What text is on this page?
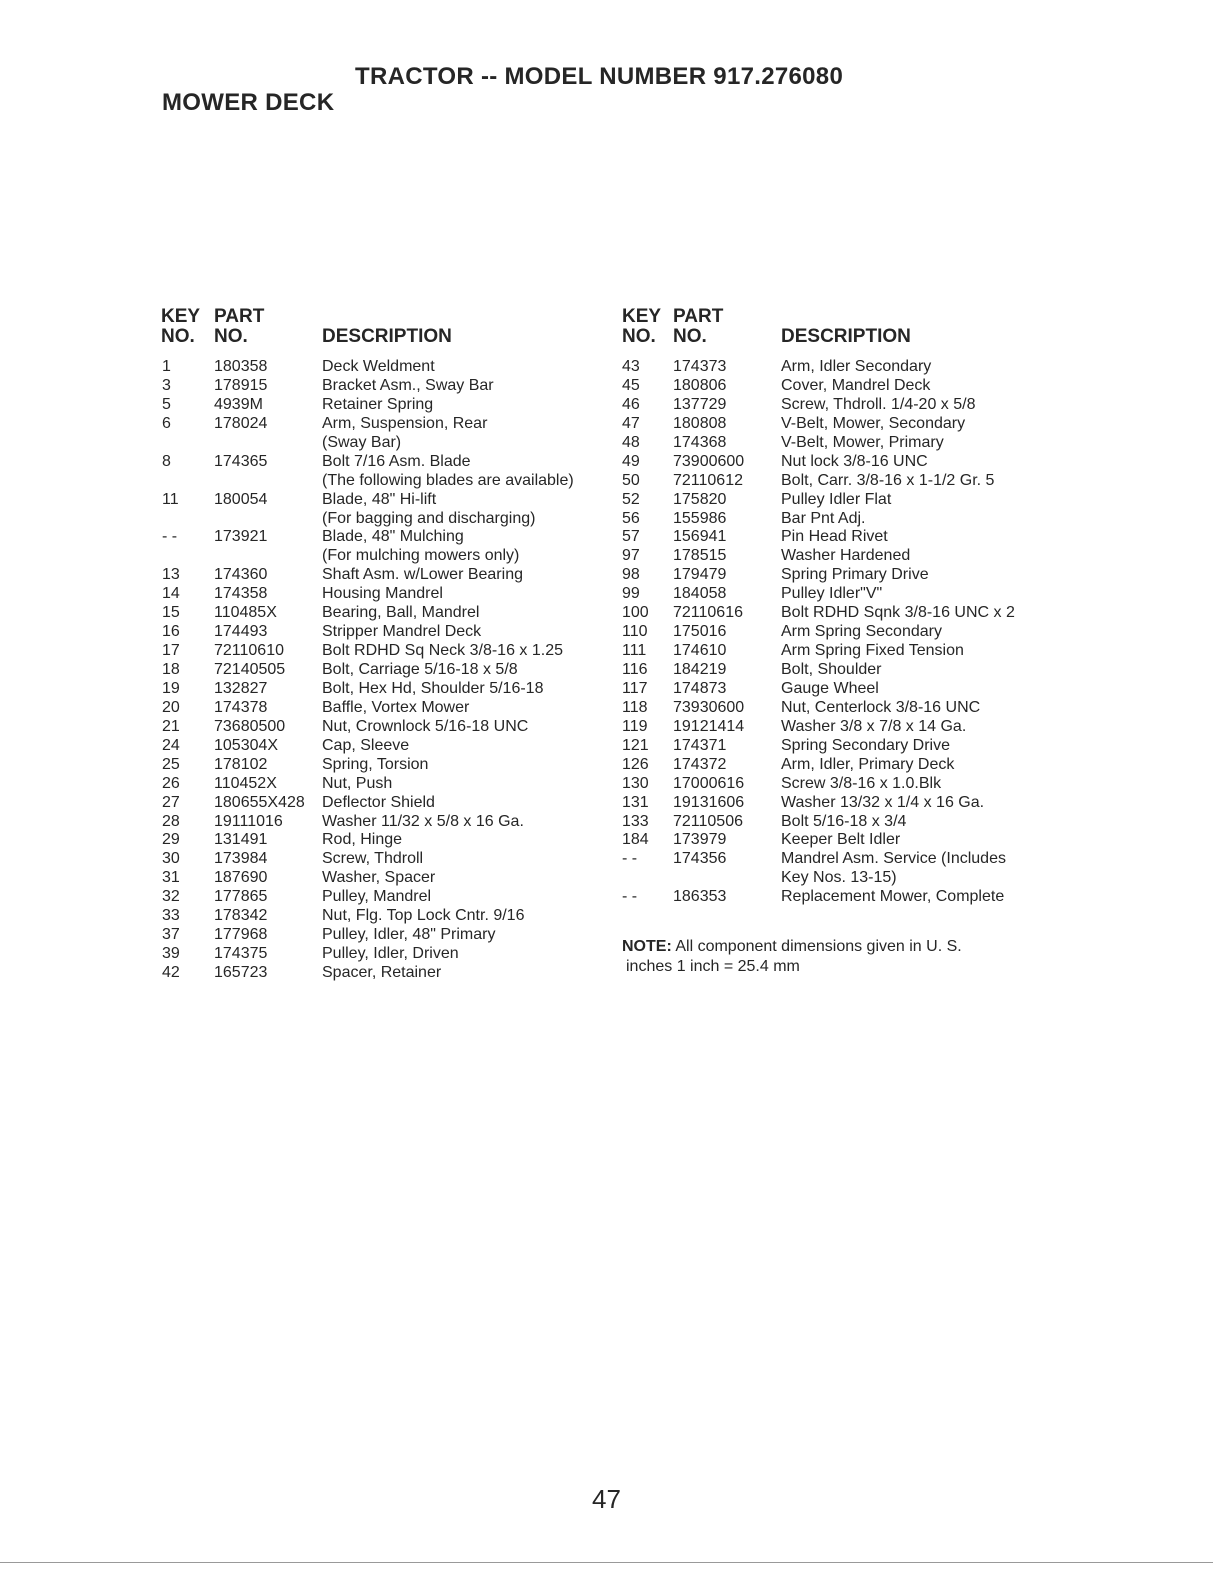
TRACTOR -- MODEL NUMBER 917.276080
MOWER DECK
KEY
NO.
PART
NO.	DESCRIPTION
KEY
NO.
PART
NO.	DESCRIPTION
1	180358	Deck Weldment
3	178915	Bracket Asm., Sway Bar
5	4939M	Retainer Spring
6	178024	Arm, Suspension, Rear
(Sway Bar)
8	174365	Bolt 7/16 Asm. Blade
(The following blades are available)
11 180054	Blade, 48" Hi-lift
(For bagging and discharging)
- - 173921	Blade, 48" Mulching
(For mulching mowers only)
13 174360	Shaft Asm. w/Lower Bearing
14 174358	Housing Mandrel
15 110485X	Bearing, Ball, Mandrel
16 174493	Stripper Mandrel Deck
17 72110610 Bolt RDHD Sq Neck 3/8-16 x 1.25
18 72140505 Bolt, Carriage 5/16-18 x 5/8
19 132827	Bolt, Hex Hd, Shoulder 5/16-18
20 174378	Baffle, Vortex Mower
21 73680500 Nut, Crownlock 5/16-18 UNC
24 105304X	Cap, Sleeve
25 178102	Spring, Torsion
26 110452X	Nut, Push
27 180655X428 Deflector Shield
28 19111016 Washer 11/32 x 5/8 x 16 Ga.
29 131491	Rod, Hinge
30 173984	Screw, Thdroll
31 187690	Washer, Spacer
32 177865	Pulley, Mandrel
33 178342	Nut, Flg. Top Lock Cntr. 9/16
37 177968	Pulley, Idler, 48" Primary
39 174375	Pulley, Idler, Driven
42 165723	Spacer, Retainer
43 174373	Arm, Idler Secondary
45 180806	Cover, Mandrel Deck
46 137729	Screw, Thdroll. 1/4-20 x 5/8
47 180808	V-Belt, Mower, Secondary
48 174368	V-Belt, Mower, Primary
49 73900600 Nut lock 3/8-16 UNC
50 72110612 Bolt, Carr. 3/8-16 x 1-1/2 Gr. 5
52 175820	Pulley Idler Flat
56 155986	Bar Pnt Adj.
57 156941	Pin Head Rivet
97 178515	Washer Hardened
98 179479	Spring Primary Drive
99 184058	Pulley Idler"V"
100 72110616 Bolt RDHD Sqnk 3/8-16 UNC x 2
110 175016	Arm Spring Secondary
111 174610	Arm Spring Fixed Tension
116 184219	Bolt, Shoulder
117 174873	Gauge Wheel
118 73930600 Nut, Centerlock 3/8-16 UNC
119 19121414 Washer 3/8 x 7/8 x 14 Ga.
121 174371	Spring Secondary Drive
126 174372	Arm, Idler, Primary Deck
130 17000616 Screw 3/8-16 x 1.0.Blk
131 19131606 Washer 13/32 x 1/4 x 16 Ga.
133 72110506 Bolt 5/16-18 x 3/4
184 173979	Keeper Belt Idler
- - 174356	Mandrel Asm. Service (Includes
Key Nos. 13-15)
- - 186353	Replacement Mower, Complete
NOTE: All component dimensions given in U. S.
inches 1 inch = 25.4 mm
47
